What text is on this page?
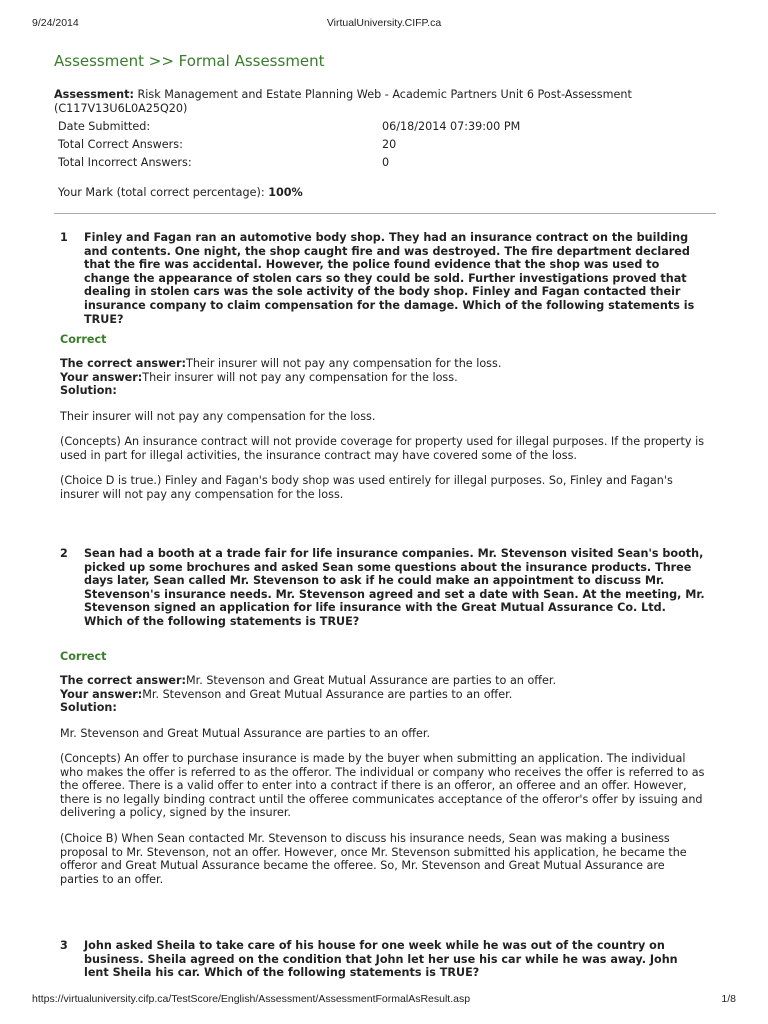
9/24/2014	VirtualUniversity.CIFP.ca
Assessment >> Formal Assessment
Assessment: Risk Management and Estate Planning Web - Academic Partners Unit 6 Post-Assessment (C117V13U6L0A25Q20)
Date Submitted:	06/18/2014 07:39:00 PM
Total Correct Answers:	20
Total Incorrect Answers:	0
Your Mark (total correct percentage): 100%
1 Finley and Fagan ran an automotive body shop. They had an insurance contract on the building and contents. One night, the shop caught fire and was destroyed. The fire department declared that the fire was accidental. However, the police found evidence that the shop was used to change the appearance of stolen cars so they could be sold. Further investigations proved that dealing in stolen cars was the sole activity of the body shop. Finley and Fagan contacted their insurance company to claim compensation for the damage. Which of the following statements is TRUE?
Correct
The correct answer:Their insurer will not pay any compensation for the loss.
Your answer:Their insurer will not pay any compensation for the loss.
Solution:
Their insurer will not pay any compensation for the loss.
(Concepts) An insurance contract will not provide coverage for property used for illegal purposes. If the property is used in part for illegal activities, the insurance contract may have covered some of the loss.
(Choice D is true.) Finley and Fagan's body shop was used entirely for illegal purposes. So, Finley and Fagan's insurer will not pay any compensation for the loss.
2 Sean had a booth at a trade fair for life insurance companies. Mr. Stevenson visited Sean's booth, picked up some brochures and asked Sean some questions about the insurance products. Three days later, Sean called Mr. Stevenson to ask if he could make an appointment to discuss Mr. Stevenson's insurance needs. Mr. Stevenson agreed and set a date with Sean. At the meeting, Mr. Stevenson signed an application for life insurance with the Great Mutual Assurance Co. Ltd. Which of the following statements is TRUE?
Correct
The correct answer:Mr. Stevenson and Great Mutual Assurance are parties to an offer.
Your answer:Mr. Stevenson and Great Mutual Assurance are parties to an offer.
Solution:
Mr. Stevenson and Great Mutual Assurance are parties to an offer.
(Concepts) An offer to purchase insurance is made by the buyer when submitting an application. The individual who makes the offer is referred to as the offeror. The individual or company who receives the offer is referred to as the offeree. There is a valid offer to enter into a contract if there is an offeror, an offeree and an offer. However, there is no legally binding contract until the offeree communicates acceptance of the offeror's offer by issuing and delivering a policy, signed by the insurer.
(Choice B) When Sean contacted Mr. Stevenson to discuss his insurance needs, Sean was making a business proposal to Mr. Stevenson, not an offer. However, once Mr. Stevenson submitted his application, he became the offeror and Great Mutual Assurance became the offeree. So, Mr. Stevenson and Great Mutual Assurance are parties to an offer.
3 John asked Sheila to take care of his house for one week while he was out of the country on business. Sheila agreed on the condition that John let her use his car while he was away. John lent Sheila his car. Which of the following statements is TRUE?
https://virtualuniversity.cifp.ca/TestScore/English/Assessment/AssessmentFormalAsResult.asp	1/8
